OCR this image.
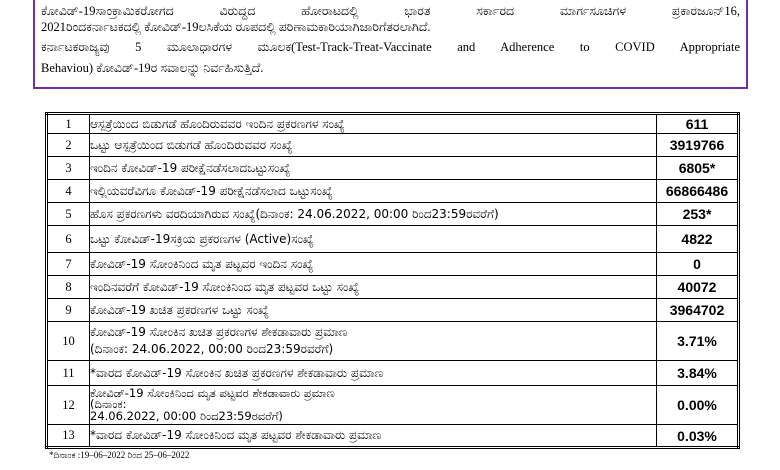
ಕೋವಿಡ್-19ಸಾಂಕ್ರಾಮಿಕರೋಗದ ವಿರುದ್ಧದ ಹೋರಾಟದಲ್ಲಿ ಭಾರತ ಸರ್ಕಾರದ ಮಾರ್ಗಸೂಚಿಗಳ ಪ್ರಕಾರಜೂನ್16,
2021ರಿಂದಕರ್ನಾಟಕದಲ್ಲಿ ಕೋವಿಡ್-19ಲಸಿಕೆಯ ರೂಪದಲ್ಲಿ ಪರಿಣಾಮಕಾರಿಯಾಗಿಜಾರಿಗೆತರಲಾಗಿದೆ.
ಕರ್ನಾಟಕರಾಜ್ಯವು 5 ಮೂಲಾಧಾರಗಳ ಮೂಲಕ(Test-Track-Treat-Vaccinate and Adherence to COVID Appropriate
Behaviou) ಕೋವಿಡ್-19ರ ಸವಾಲನ್ನು ನಿರ್ವಹಿಸುತ್ತಿದೆ.
1	ಆಸ್ಪತ್ರೆಯಿಂದ ಬಿಡುಗಡೆ ಹೊಂದಿರುವವರ ಇಂದಿನ ಪ್ರಕರಣಗಳ ಸಂಖ್ಯೆ	611
2	ಒಟ್ಟು ಆಸ್ಪತ್ರೆಯಿಂದ ಬಿಡುಗಡೆ ಹೊಂದಿರುವವರ ಸಂಖ್ಯೆ	3919766
3	ಇಂದಿನ ಕೋವಿಡ್-19 ಪರೀಕ್ಷೆನಡೆಸಲಾದಒಟ್ಟುಸಂಖ್ಯೆ	6805*
4	ಇಲ್ಲಿಯವರೆವಿಗೂ ಕೋವಿಡ್-19 ಪರೀಕ್ಷೆನಡೆಸಲಾದ ಒಟ್ಟುಸಂಖ್ಯೆ	66866486
5	ಹೊಸ ಪ್ರಕರಣಗಳು ವರದಿಯಾಗಿರುವ ಸಂಖ್ಯೆ(ದಿನಾಂಕ: 24.06.2022, 00:00 ರಿಂದ23:59ರವರೆಗೆ)	253*
6	ಒಟ್ಟು ಕೋವಿಡ್-19ಸಕ್ರಿಯ ಪ್ರಕರಣಗಳ (Active)ಸಂಖ್ಯೆ	4822
7	ಕೋವಿಡ್-19 ಸೋಂಕಿನಿಂದ ಮೃತ ಪಟ್ಟವರ ಇಂದಿನ ಸಂಖ್ಯೆ	0
8	ಇಂದಿನವರೆಗೆ ಕೋವಿಡ್-19 ಸೋಂಕಿನಿಂದ ಮೃತ ಪಟ್ಟವರ ಒಟ್ಟು ಸಂಖ್ಯೆ	40072
9	ಕೋವಿಡ್-19 ಖಚಿತ ಪ್ರಕರಣಗಳ ಒಟ್ಟು ಸಂಖ್ಯೆ	3964702
10	ಕೋವಿಡ್-19 ಸೋಂಕಿನ ಖಚಿತ ಪ್ರಕರಣಗಳ ಶೇಕಡಾವಾರು ಪ್ರಮಾಣ
(ದಿನಾಂಕ: 24.06.2022, 00:00 ರಿಂದ23:59ರವರೆಗೆ)	3.71%
11	*ವಾರದ ಕೋವಿಡ್-19 ಸೋಂಕಿನ ಖಚಿತ ಪ್ರಕರಣಗಳ ಶೇಕಡಾವಾರು ಪ್ರಮಾಣ	3.84%
12	ಕೋವಿಡ್-19 ಸೋಂಕಿನಿಂದ ಮೃತ ಪಟ್ಟವರ ಶೇಕಡಾವಾರು ಪ್ರಮಾಣ
(ದಿನಾಂಕ:
24.06.2022, 00:00 ರಿಂದ23:59ರವರೆಗೆ)	0.00%
13	*ವಾರದ ಕೋವಿಡ್-19 ಸೋಂಕಿನಿಂದ ಮೃತ ಪಟ್ಟವರ ಶೇಕಡಾವಾರು ಪ್ರಮಾಣ	0.03%
*ದಿನಾಂಕ :19–06–2022 ರಿಂದ 25–06–2022
